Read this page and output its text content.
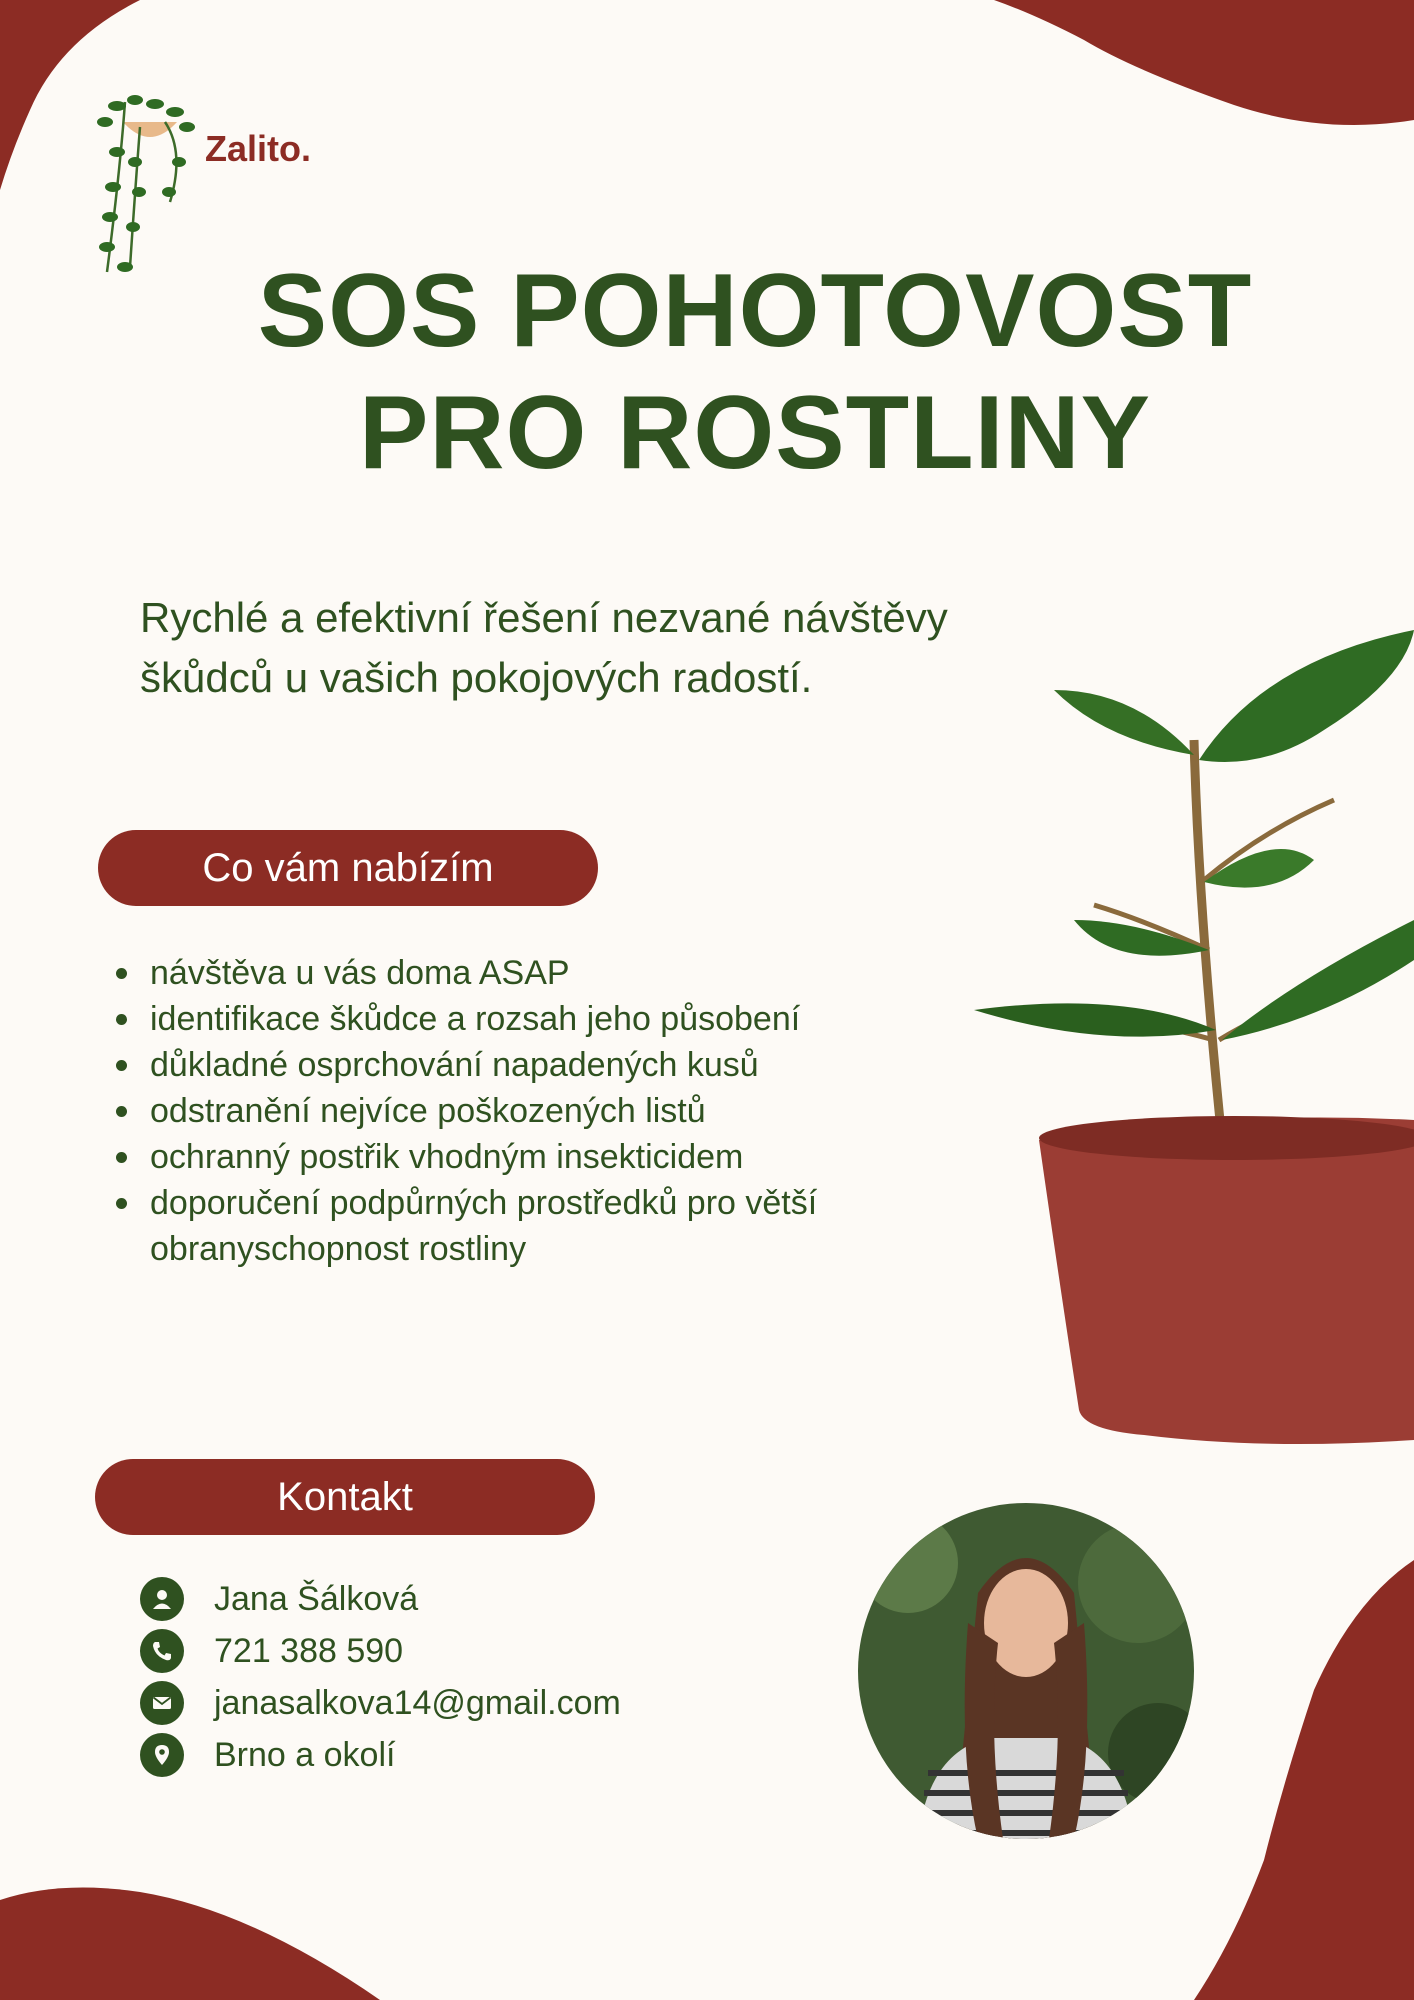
Zalito.
SOS POHOTOVOST
PRO ROSTLINY
Rychlé a efektivní řešení nezvané návštěvy
škůdců u vašich pokojových radostí.
Co vám nabízím
návštěva u vás doma ASAP
identifikace škůdce a rozsah jeho působení
důkladné osprchování napadených kusů
odstranění nejvíce poškozených listů
ochranný postřik vhodným insekticidem
doporučení podpůrných prostředků pro větší obranyschopnost rostliny
Kontakt
Jana Šálková
721 388 590
janasalkova14@gmail.com
Brno a okolí
